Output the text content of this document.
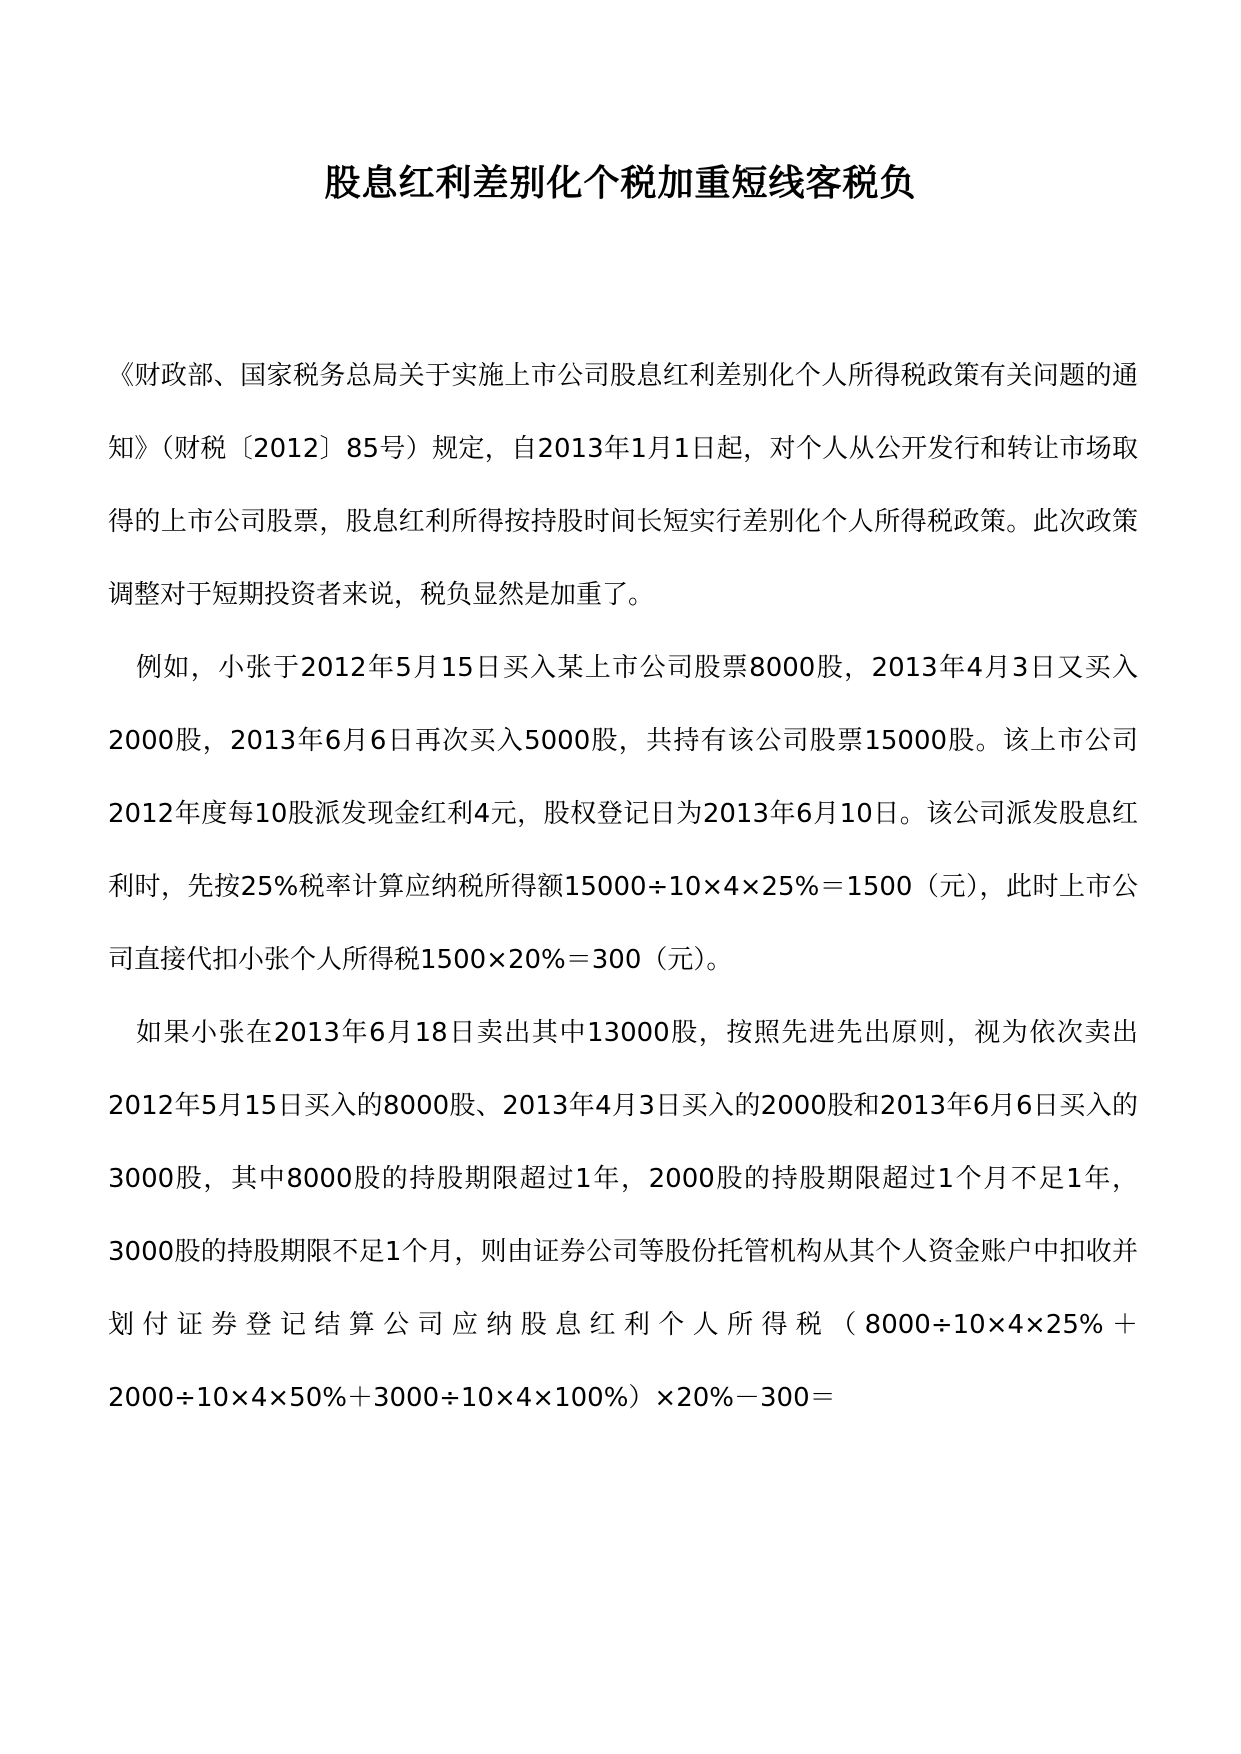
股息红利差别化个税加重短线客税负

《财政部、国家税务总局关于实施上市公司股息红利差别化个人所得税政策有关问题的通知》（财税〔2012〕85号）规定，自2013年1月1日起，对个人从公开发行和转让市场取得的上市公司股票，股息红利所得按持股时间长短实行差别化个人所得税政策。此次政策调整对于短期投资者来说，税负显然是加重了。

例如，小张于2012年5月15日买入某上市公司股票8000股，2013年4月3日又买入2000股，2013年6月6日再次买入5000股，共持有该公司股票15000股。该上市公司2012年度每10股派发现金红利4元，股权登记日为2013年6月10日。该公司派发股息红利时，先按25%税率计算应纳税所得额15000÷10×4×25%＝1500（元），此时上市公司直接代扣小张个人所得税1500×20%＝300（元）。

如果小张在2013年6月18日卖出其中13000股，按照先进先出原则，视为依次卖出2012年5月15日买入的8000股、2013年4月3日买入的2000股和2013年6月6日买入的3000股，其中8000股的持股期限超过1年，2000股的持股期限超过1个月不足1年，3000股的持股期限不足1个月，则由证券公司等股份托管机构从其个人资金账户中扣收并划付证券登记结算公司应纳股息红利个人所得税（8000÷10×4×25%＋2000÷10×4×50%＋3000÷10×4×100%）×20%－300＝
